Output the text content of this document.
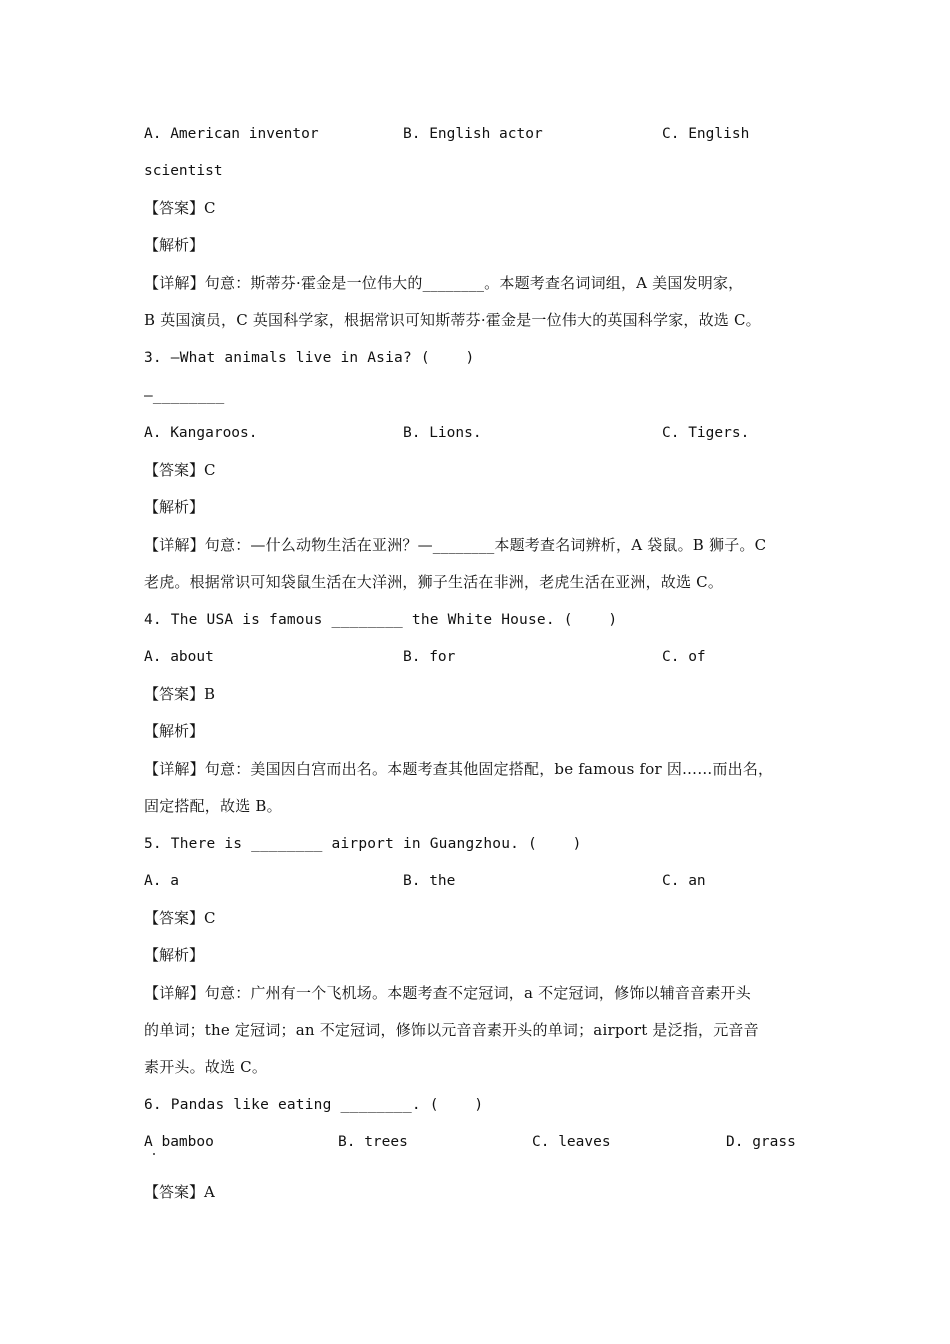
A. American inventor	B. English actor	C. English
scientist
【答案】C
【解析】
【详解】句意：斯蒂芬·霍金是一位伟大的________。本题考查名词词组，A 美国发明家，
B 英国演员，C 英国科学家，根据常识可知斯蒂芬·霍金是一位伟大的英国科学家，故选 C。
3. —What animals live in Asia? (    )
—________
A. Kangaroos.	B. Lions.	C. Tigers.
【答案】C
【解析】
【详解】句意：—什么动物生活在亚洲？—________本题考查名词辨析，A 袋鼠。B 狮子。C
老虎。根据常识可知袋鼠生活在大洋洲，狮子生活在非洲，老虎生活在亚洲，故选 C。
4. The USA is famous ________ the White House. (    )
A. about	B. for	C. of
【答案】B
【解析】
【详解】句意：美国因白宫而出名。本题考查其他固定搭配，be famous for 因……而出名，
固定搭配，故选 B。
5. There is ________ airport in Guangzhou. (    )
A. a	B. the	C. an
【答案】C
【解析】
【详解】句意：广州有一个飞机场。本题考查不定冠词，a 不定冠词，修饰以辅音音素开头
的单词；the 定冠词；an 不定冠词，修饰以元音音素开头的单词；airport 是泛指，元音音
素开头。故选 C。
6. Pandas like eating ________. (    )
A bamboo	B. trees	C. leaves	D. grass
【答案】A
